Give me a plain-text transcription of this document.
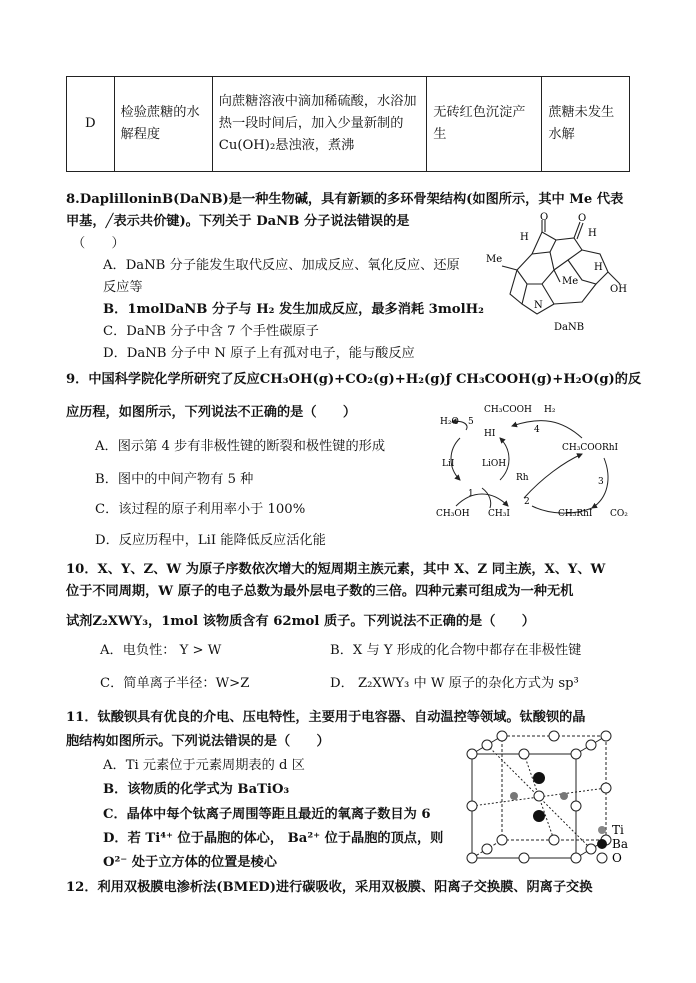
D	检验蔗糖的水解程度	向蔗糖溶液中滴加稀硫酸，水浴加热一段时间后，加入少量新制的
Cu(OH)₂悬浊液，煮沸	无砖红色沉淀产生	蔗糖未发生水解
8.DaplilloninB(DaNB)是一种生物碱，具有新颖的多环骨架结构(如图所示，其中 Me 代表
甲基，╱表示共价键)。下列关于 DaNB 分子说法错误的是
（　　）
A．DaNB 分子能发生取代反应、加成反应、氧化反应、还原
反应等
B．1molDaNB 分子与 H₂ 发生加成反应，最多消耗 3molH₂
C．DaNB 分子中含 7 个手性碳原子
D．DaNB 分子中 N 原子上有孤对电子，能与酸反应
O	O
H	H
H
Me
Me
OH
N
DaNB
9．中国科学院化学所研究了反应CH₃OH(g)+CO₂(g)+H₂(g)ƒ CH₃COOH(g)+H₂O(g)的反
应历程，如图所示，下列说法不正确的是（　　）
A．图示第 4 步有非极性键的断裂和极性键的形成
B．图中的中间产物有 5 种
C．该过程的原子利用率小于 100%
D．反应历程中，LiI 能降低反应活化能
H₂O
CH₃COOH H₂
HI
5
4
CH₃COORhI
LiI	LiOH
Rh	3
1
2
CH₃OH CH₃I	CH₃RhI CO₂
10．X、Y、Z、W 为原子序数依次增大的短周期主族元素，其中 X、Z 同主族，X、Y、W
位于不同周期，W 原子的电子总数为最外层电子数的三倍。四种元素可组成为一种无机
试剂Z₂XWY₃，1mol 该物质含有 62mol 质子。下列说法不正确的是（　　）
A．电负性： Y > W	B．X 与 Y 形成的化合物中都存在非极性键
C．简单离子半径：W>Z	D． Z₂XWY₃ 中 W 原子的杂化方式为 sp³
11．钛酸钡具有优良的介电、压电特性，主要用于电容器、自动温控等领域。钛酸钡的晶
胞结构如图所示。下列说法错误的是（　　）
A．Ti 元素位于元素周期表的 d 区
B．该物质的化学式为 BaTiO₃
C．晶体中每个钛离子周围等距且最近的氧离子数目为 6
D．若 Ti⁴⁺ 位于晶胞的体心， Ba²⁺ 位于晶胞的顶点，则
O²⁻ 处于立方体的位置是棱心
Ti
Ba
O
12．利用双极膜电渗析法(BMED)进行碳吸收，采用双极膜、阳离子交换膜、阴离子交换
